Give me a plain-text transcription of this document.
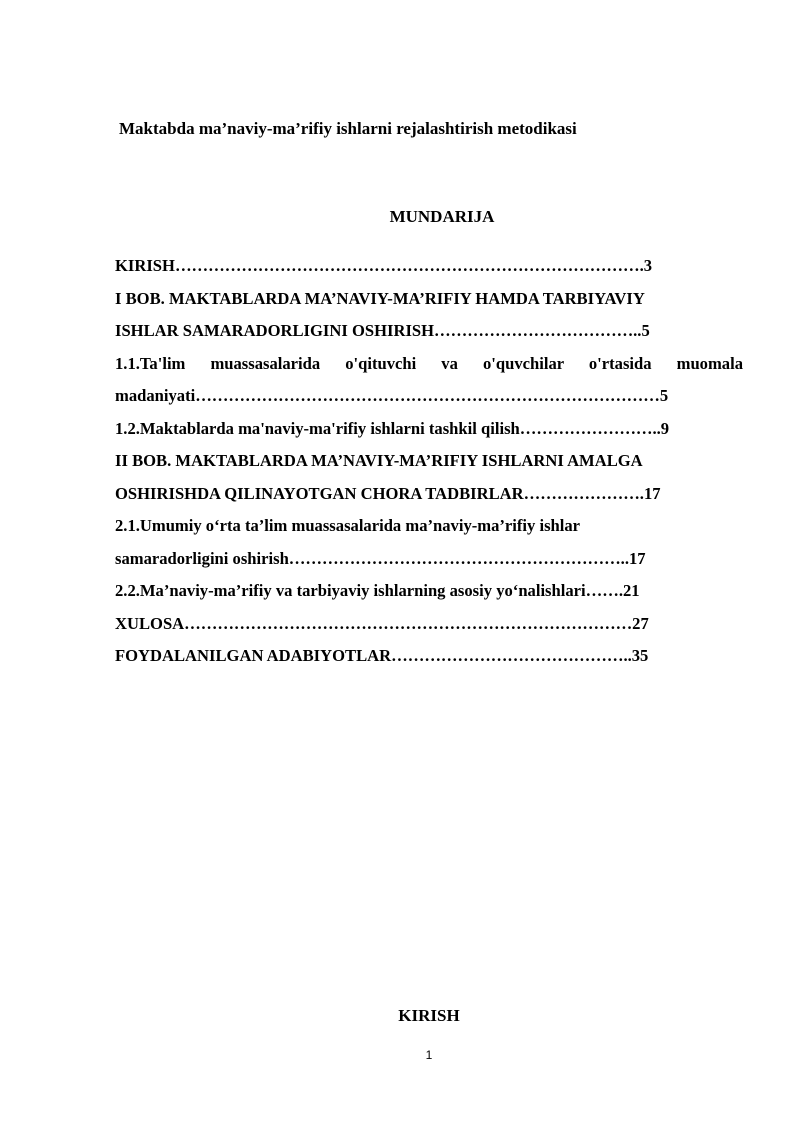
Maktabda ma’naviy-ma’rifiy ishlarni rejalashtirish metodikasi
MUNDARIJA
KIRISH………………………………………………………………………….3
I BOB. MAKTABLARDA MA’NAVIY-MA’RIFIY HAMDA TARBIYAVIY
ISHLAR SAMARADORLIGINI OSHIRISH………………………………..5
1.1.Ta'lim muassasalarida o'qituvchi va o'quvchilar o'rtasida muomala
madaniyati…………………………………………………………………………5
1.2.Maktablarda ma'naviy-ma'rifiy ishlarni tashkil qilish……………………..9
II BOB. MAKTABLARDA MA’NAVIY-MA’RIFIY ISHLARNI AMALGA
OSHIRISHDA QILINAYOTGAN CHORA TADBIRLAR………………….17
2.1.Umumiy o‘rta ta’lim muassasalarida ma’naviy-ma’rifiy ishlar
samaradorligini oshirish……………………………………………………..17
2.2.Ma’naviy-ma’rifiy va tarbiyaviy ishlarning asosiy yo‘nalishlari…….21
XULOSA………………………………………………………………………27
FOYDALANILGAN ADABIYOTLAR……………………………………..35
KIRISH
1
